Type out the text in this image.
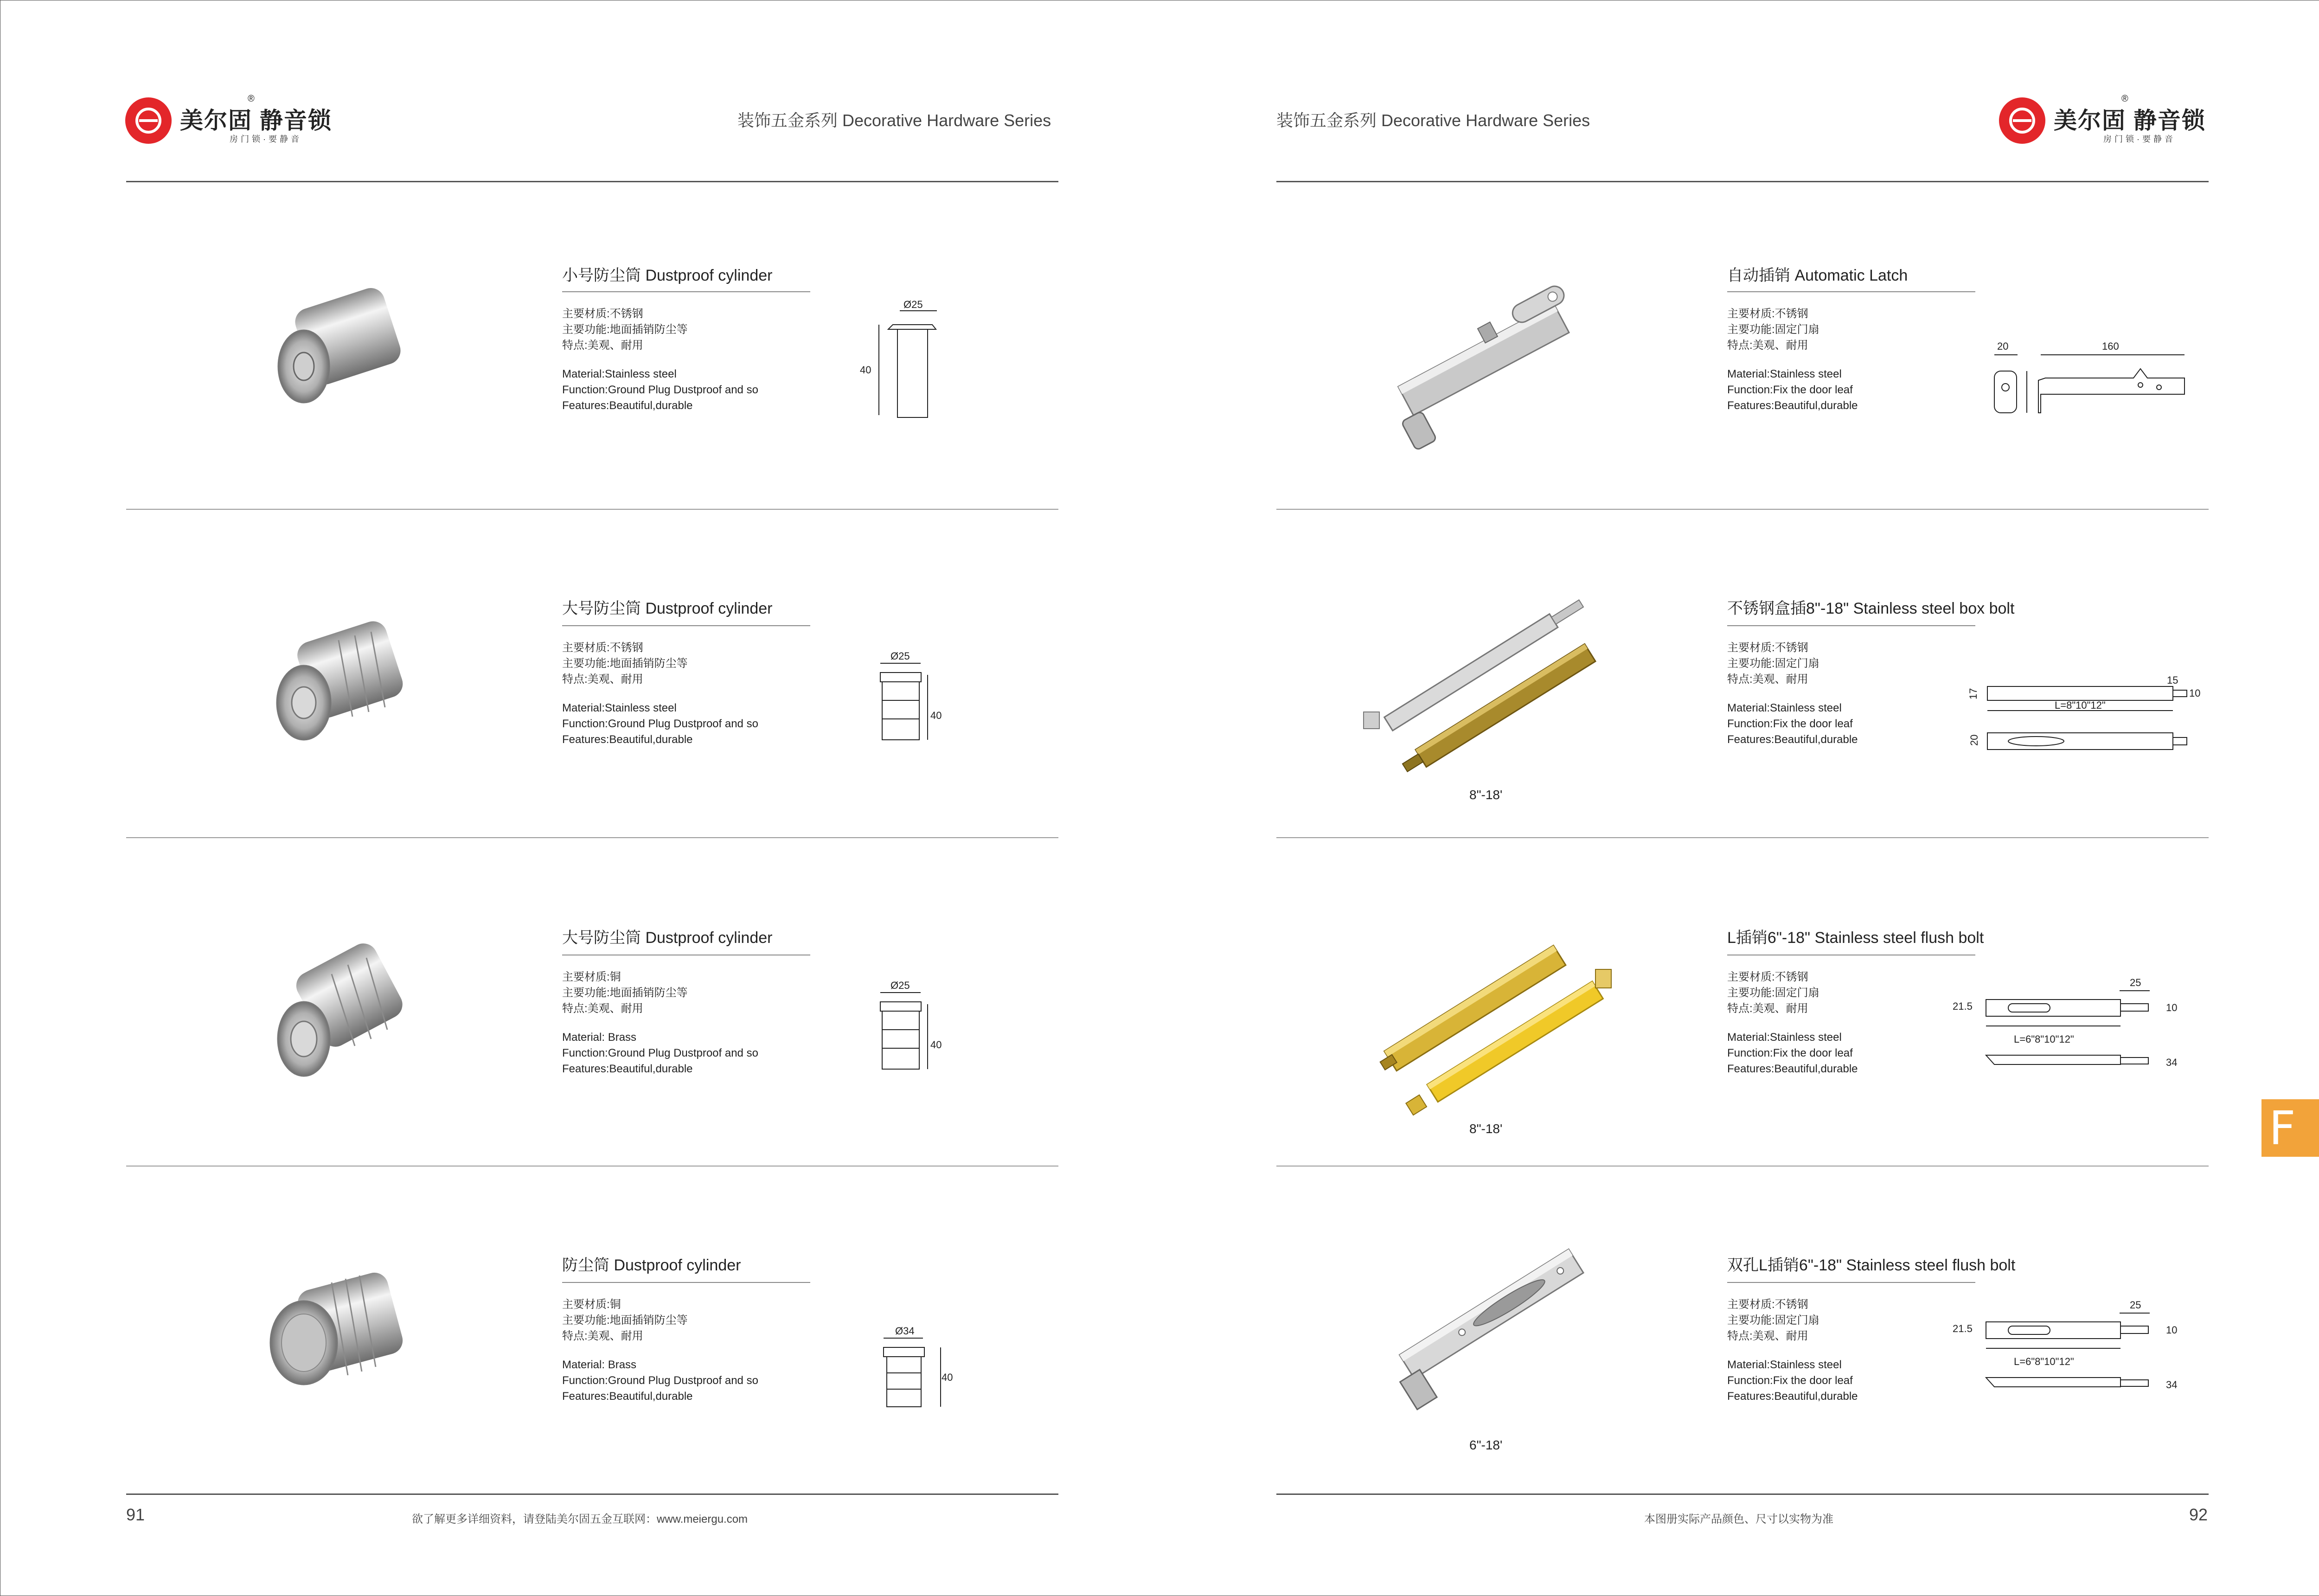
美尔固 静音锁
®
房门锁·要静音
装饰五金系列 Decorative Hardware Series	装饰五金系列 Decorative Hardware Series	美尔固 静音锁
®
房门锁·要静音
小号防尘筒 Dustproof cylinder
主要材质:不锈钢
主要功能:地面插销防尘等
特点:美观、耐用
Material:Stainless steel
Function:Ground Plug Dustproof and so
Features:Beautiful,durable
Ø25
40
大号防尘筒 Dustproof cylinder
主要材质:不锈钢
主要功能:地面插销防尘等
特点:美观、耐用
Material:Stainless steel
Function:Ground Plug Dustproof and so
Features:Beautiful,durable
Ø25
40
大号防尘筒 Dustproof cylinder
主要材质:铜
主要功能:地面插销防尘等
特点:美观、耐用
Material: Brass
Function:Ground Plug Dustproof and so
Features:Beautiful,durable
Ø25
40
防尘筒 Dustproof cylinder
主要材质:铜
主要功能:地面插销防尘等
特点:美观、耐用
Material: Brass
Function:Ground Plug Dustproof and so
Features:Beautiful,durable
Ø34
40
自动插销 Automatic Latch
主要材质:不锈钢
主要功能:固定门扇
特点:美观、耐用
Material:Stainless steel
Function:Fix the door leaf
Features:Beautiful,durable
20	160
8"-18'
不锈钢盒插8"-18" Stainless steel box bolt
主要材质:不锈钢
主要功能:固定门扇
特点:美观、耐用
Material:Stainless steel
Function:Fix the door leaf
Features:Beautiful,durable
17
15
10
L=8"10"12"
20
8"-18'
L插销6"-18" Stainless steel flush bolt
主要材质:不锈钢
主要功能:固定门扇
特点:美观、耐用
Material:Stainless steel
Function:Fix the door leaf
Features:Beautiful,durable
25
21.5	10
L=6"8"10"12"
34
6"-18'
双孔L插销6"-18" Stainless steel flush bolt
主要材质:不锈钢
主要功能:固定门扇
特点:美观、耐用
Material:Stainless steel
Function:Fix the door leaf
Features:Beautiful,durable
25
21.5	10
L=6"8"10"12"
34
91	欲了解更多详细资料，请登陆美尔固五金互联网：www.meiergu.com	本图册实际产品颜色、尺寸以实物为准	92
F
